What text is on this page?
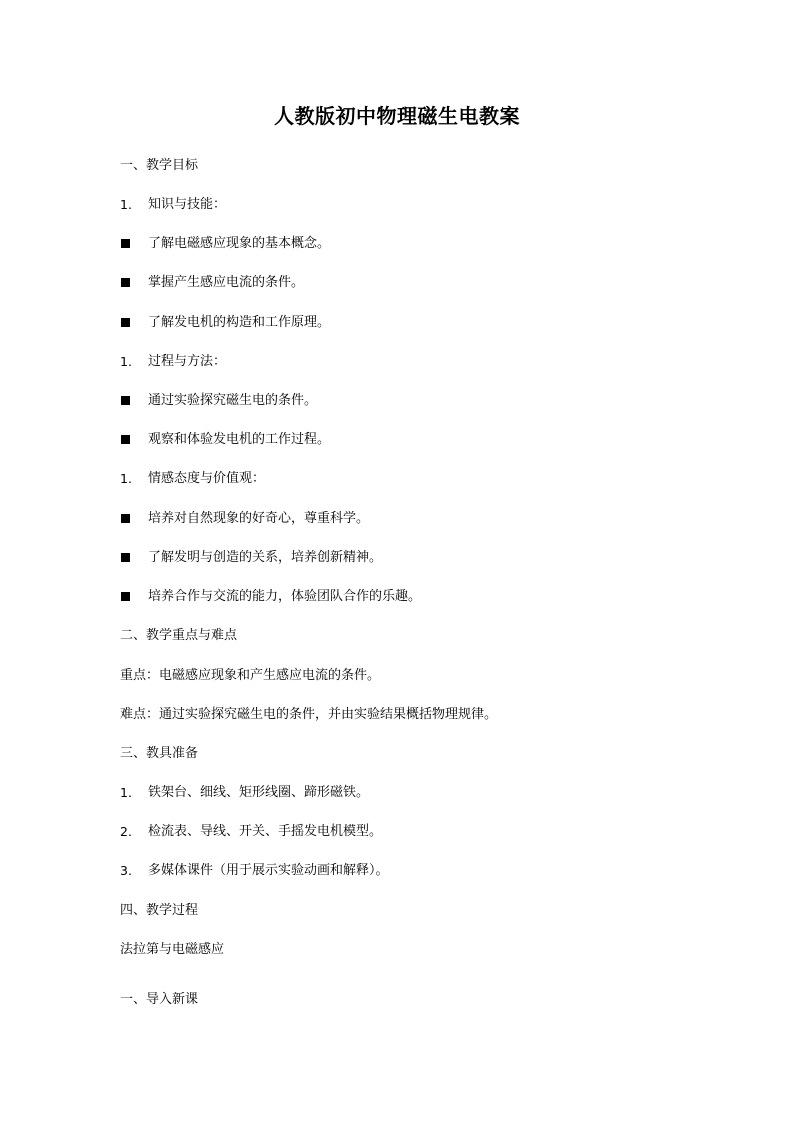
人教版初中物理磁生电教案
一、教学目标
1.	知识与技能：
了解电磁感应现象的基本概念。
掌握产生感应电流的条件。
了解发电机的构造和工作原理。
1.	过程与方法：
通过实验探究磁生电的条件。
观察和体验发电机的工作过程。
1.	情感态度与价值观：
培养对自然现象的好奇心，尊重科学。
了解发明与创造的关系，培养创新精神。
培养合作与交流的能力，体验团队合作的乐趣。
二、教学重点与难点
重点：电磁感应现象和产生感应电流的条件。
难点：通过实验探究磁生电的条件，并由实验结果概括物理规律。
三、教具准备
1.	铁架台、细线、矩形线圈、蹄形磁铁。
2.	检流表、导线、开关、手摇发电机模型。
3.	多媒体课件（用于展示实验动画和解释）。
四、教学过程
法拉第与电磁感应
一、导入新课
